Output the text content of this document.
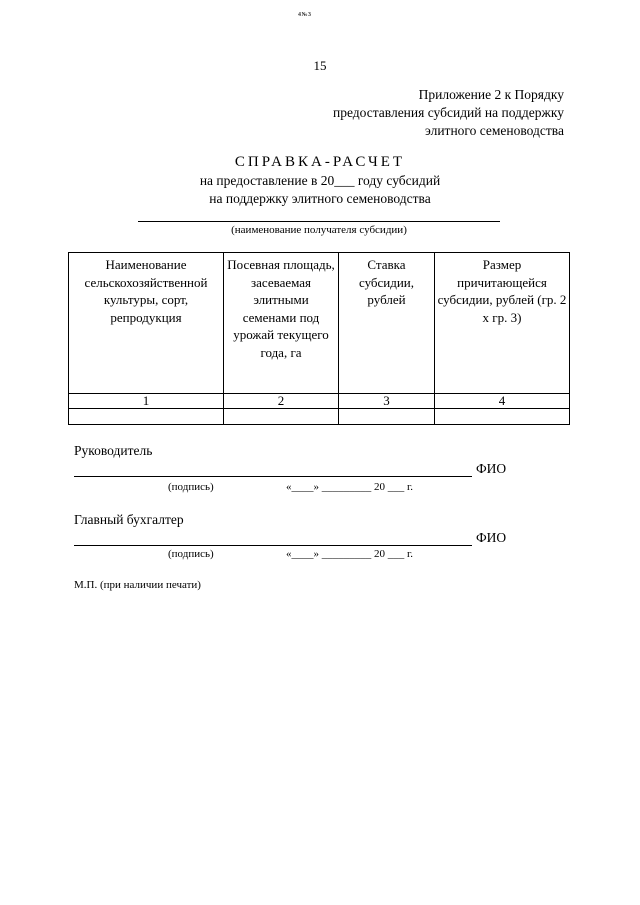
4№3
15
Приложение 2 к Порядку
предоставления субсидий на поддержку
элитного семеноводства
СПРАВКА-РАСЧЕТ
на предоставление в 20___ году субсидий
на поддержку элитного семеноводства
(наименование получателя субсидии)
Наименование сельскохозяйственной культуры, сорт, репродукция	Посевная площадь, засеваемая элитными семенами под урожай текущего года, га	Ставка субсидии, рублей	Размер причитающейся субсидии, рублей (гр. 2 х гр. 3)
1	2	3	4

Руководитель
ФИО
(подпись)	«____» _________ 20 ___ г.
Главный бухгалтер
ФИО
(подпись)	«____» _________ 20 ___ г.
М.П. (при наличии печати)
